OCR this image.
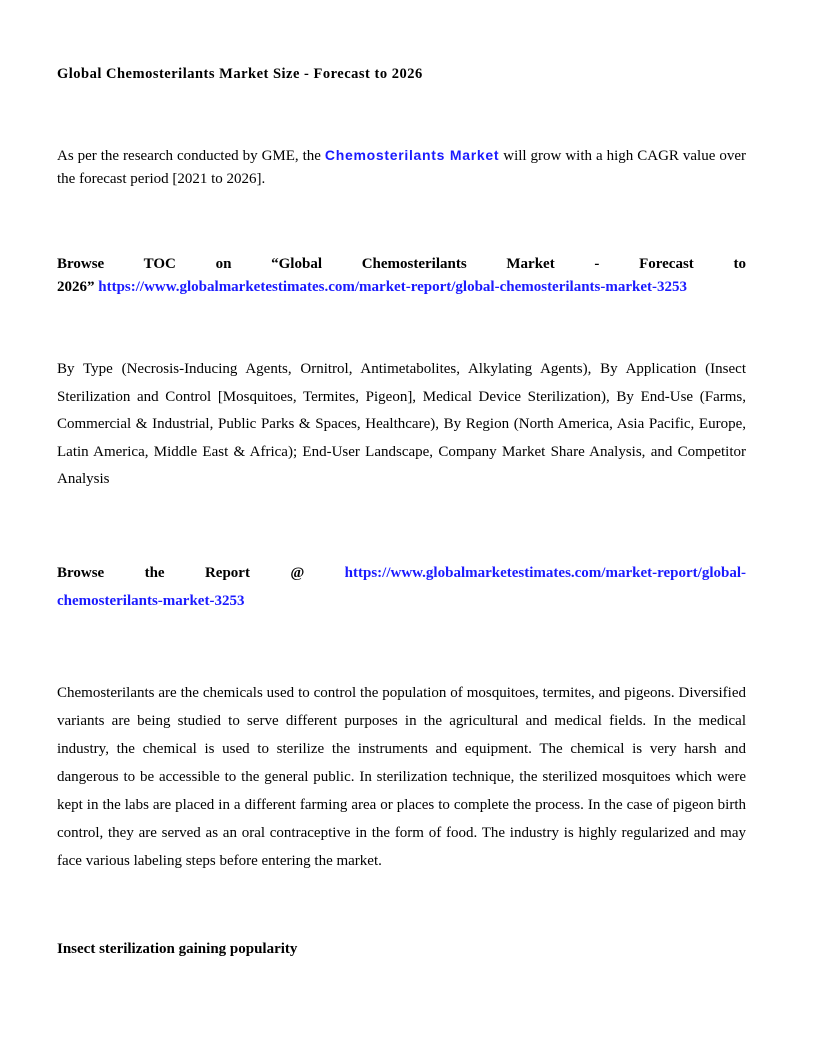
Global Chemosterilants Market Size - Forecast to 2026
As per the research conducted by GME, the Chemosterilants Market will grow with a high CAGR value over the forecast period [2021 to 2026].
Browse TOC on “Global Chemosterilants Market - Forecast to
2026” https://www.globalmarketestimates.com/market-report/global-chemosterilants-market-3253
By Type (Necrosis-Inducing Agents, Ornitrol, Antimetabolites, Alkylating Agents), By Application (Insect Sterilization and Control [Mosquitoes, Termites, Pigeon], Medical Device Sterilization), By End-Use (Farms, Commercial & Industrial, Public Parks & Spaces, Healthcare), By Region (North America, Asia Pacific, Europe, Latin America, Middle East & Africa); End-User Landscape, Company Market Share Analysis, and Competitor Analysis
Browse the Report @ https://www.globalmarketestimates.com/market-report/global-
chemosterilants-market-3253
Chemosterilants are the chemicals used to control the population of mosquitoes, termites, and pigeons. Diversified variants are being studied to serve different purposes in the agricultural and medical fields. In the medical industry, the chemical is used to sterilize the instruments and equipment. The chemical is very harsh and dangerous to be accessible to the general public. In sterilization technique, the sterilized mosquitoes which were kept in the labs are placed in a different farming area or places to complete the process. In the case of pigeon birth control, they are served as an oral contraceptive in the form of food. The industry is highly regularized and may face various labeling steps before entering the market.
Insect sterilization gaining popularity
